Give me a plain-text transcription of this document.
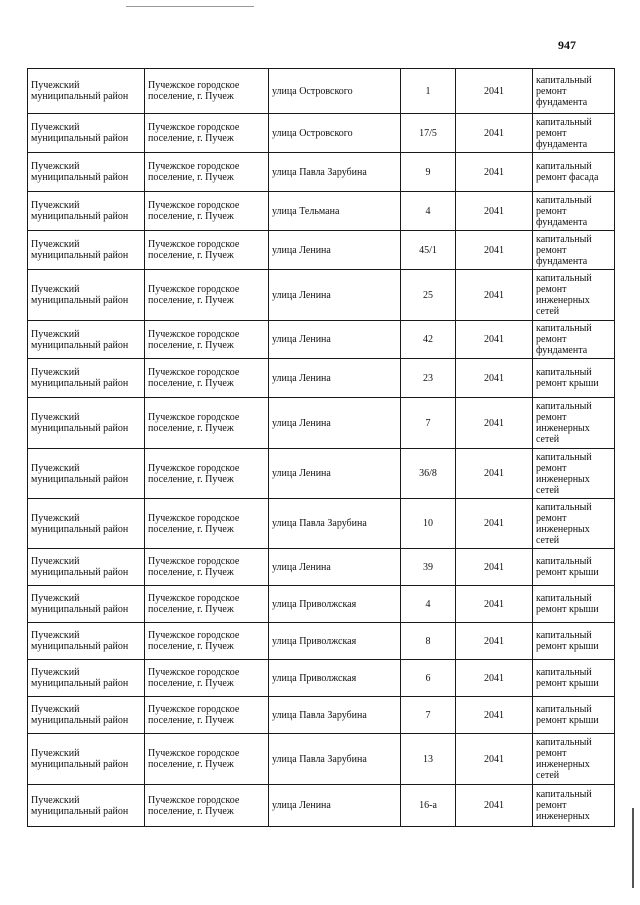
947
Пучежский муниципальный район	Пучежское городское поселение, г. Пучеж	улица Островского	1	2041	капитальный ремонт фундамента
Пучежский муниципальный район	Пучежское городское поселение, г. Пучеж	улица Островского	17/5	2041	капитальный ремонт фундамента
Пучежский муниципальный район	Пучежское городское поселение, г. Пучеж	улица Павла Зарубина	9	2041	капитальный ремонт фасада
Пучежский муниципальный район	Пучежское городское поселение, г. Пучеж	улица Тельмана	4	2041	капитальный ремонт фундамента
Пучежский муниципальный район	Пучежское городское поселение, г. Пучеж	улица Ленина	45/1	2041	капитальный ремонт фундамента
Пучежский муниципальный район	Пучежское городское поселение, г. Пучеж	улица Ленина	25	2041	капитальный ремонт инженерных сетей
Пучежский муниципальный район	Пучежское городское поселение, г. Пучеж	улица Ленина	42	2041	капитальный ремонт фундамента
Пучежский муниципальный район	Пучежское городское поселение, г. Пучеж	улица Ленина	23	2041	капитальный ремонт крыши
Пучежский муниципальный район	Пучежское городское поселение, г. Пучеж	улица Ленина	7	2041	капитальный ремонт инженерных сетей
Пучежский муниципальный район	Пучежское городское поселение, г. Пучеж	улица Ленина	36/8	2041	капитальный ремонт инженерных сетей
Пучежский муниципальный район	Пучежское городское поселение, г. Пучеж	улица Павла Зарубина	10	2041	капитальный ремонт инженерных сетей
Пучежский муниципальный район	Пучежское городское поселение, г. Пучеж	улица Ленина	39	2041	капитальный ремонт крыши
Пучежский муниципальный район	Пучежское городское поселение, г. Пучеж	улица Приволжская	4	2041	капитальный ремонт крыши
Пучежский муниципальный район	Пучежское городское поселение, г. Пучеж	улица Приволжская	8	2041	капитальный ремонт крыши
Пучежский муниципальный район	Пучежское городское поселение, г. Пучеж	улица Приволжская	6	2041	капитальный ремонт крыши
Пучежский муниципальный район	Пучежское городское поселение, г. Пучеж	улица Павла Зарубина	7	2041	капитальный ремонт крыши
Пучежский муниципальный район	Пучежское городское поселение, г. Пучеж	улица Павла Зарубина	13	2041	капитальный ремонт инженерных сетей
Пучежский муниципальный район	Пучежское городское поселение, г. Пучеж	улица Ленина	16-а	2041	капитальный ремонт инженерных
